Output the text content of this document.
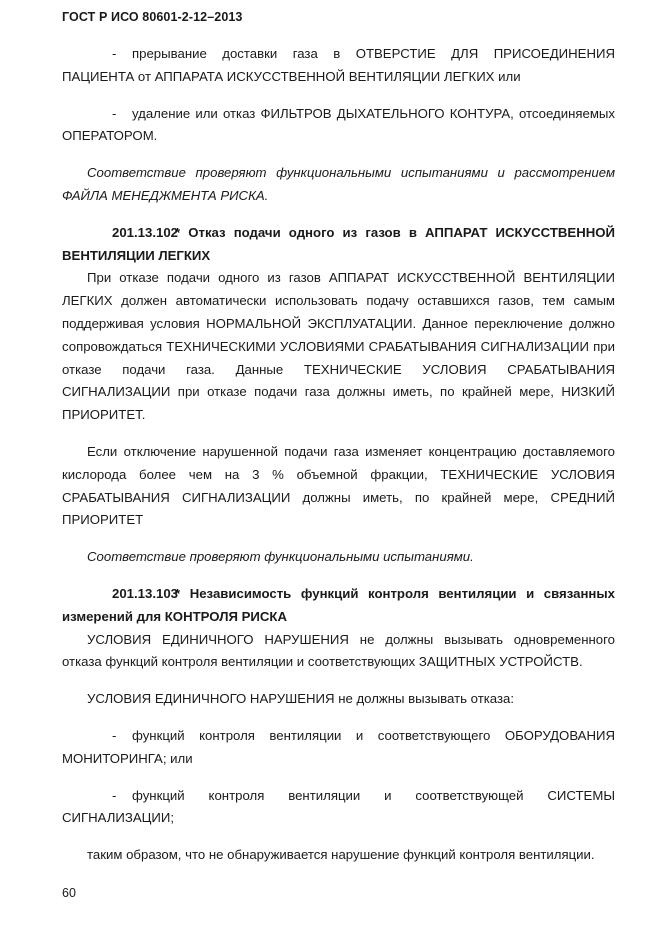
ГОСТ Р ИСО 80601-2-12–2013

- прерывание доставки газа в ОТВЕРСТИЕ ДЛЯ ПРИСОЕДИНЕНИЯ ПАЦИЕНТА от АППАРАТА ИСКУССТВЕННОЙ ВЕНТИЛЯЦИИ ЛЕГКИХ или

- удаление или отказ ФИЛЬТРОВ ДЫХАТЕЛЬНОГО КОНТУРА, отсоединяемых ОПЕРАТОРОМ.

Соответствие проверяют функциональными испытаниями и рассмотрением ФАЙЛА МЕНЕДЖМЕНТА РИСКА.

201.13.102* Отказ подачи одного из газов в АППАРАТ ИСКУССТВЕННОЙ ВЕНТИЛЯЦИИ ЛЕГКИХ

При отказе подачи одного из газов АППАРАТ ИСКУССТВЕННОЙ ВЕНТИЛЯЦИИ ЛЕГКИХ должен автоматически использовать подачу оставшихся газов, тем самым поддерживая условия НОРМАЛЬНОЙ ЭКСПЛУАТАЦИИ. Данное переключение должно сопровождаться ТЕХНИЧЕСКИМИ УСЛОВИЯМИ СРАБАТЫВАНИЯ СИГНАЛИЗАЦИИ при отказе подачи газа. Данные ТЕХНИЧЕСКИЕ УСЛОВИЯ СРАБАТЫВАНИЯ СИГНАЛИЗАЦИИ при отказе подачи газа должны иметь, по крайней мере, НИЗКИЙ ПРИОРИТЕТ.

Если отключение нарушенной подачи газа изменяет концентрацию доставляемого кислорода более чем на 3 % объемной фракции, ТЕХНИЧЕСКИЕ УСЛОВИЯ СРАБАТЫВАНИЯ СИГНАЛИЗАЦИИ должны иметь, по крайней мере, СРЕДНИЙ ПРИОРИТЕТ

Соответствие проверяют функциональными испытаниями.

201.13.103* Независимость функций контроля вентиляции и связанных измерений для КОНТРОЛЯ РИСКА

УСЛОВИЯ ЕДИНИЧНОГО НАРУШЕНИЯ не должны вызывать одновременного отказа функций контроля вентиляции и соответствующих ЗАЩИТНЫХ УСТРОЙСТВ.

УСЛОВИЯ ЕДИНИЧНОГО НАРУШЕНИЯ не должны вызывать отказа:

- функций контроля вентиляции и соответствующего ОБОРУДОВАНИЯ МОНИТОРИНГА; или

- функций контроля вентиляции и соответствующей СИСТЕМЫ СИГНАЛИЗАЦИИ;

таким образом, что не обнаруживается нарушение функций контроля вентиляции.

60
